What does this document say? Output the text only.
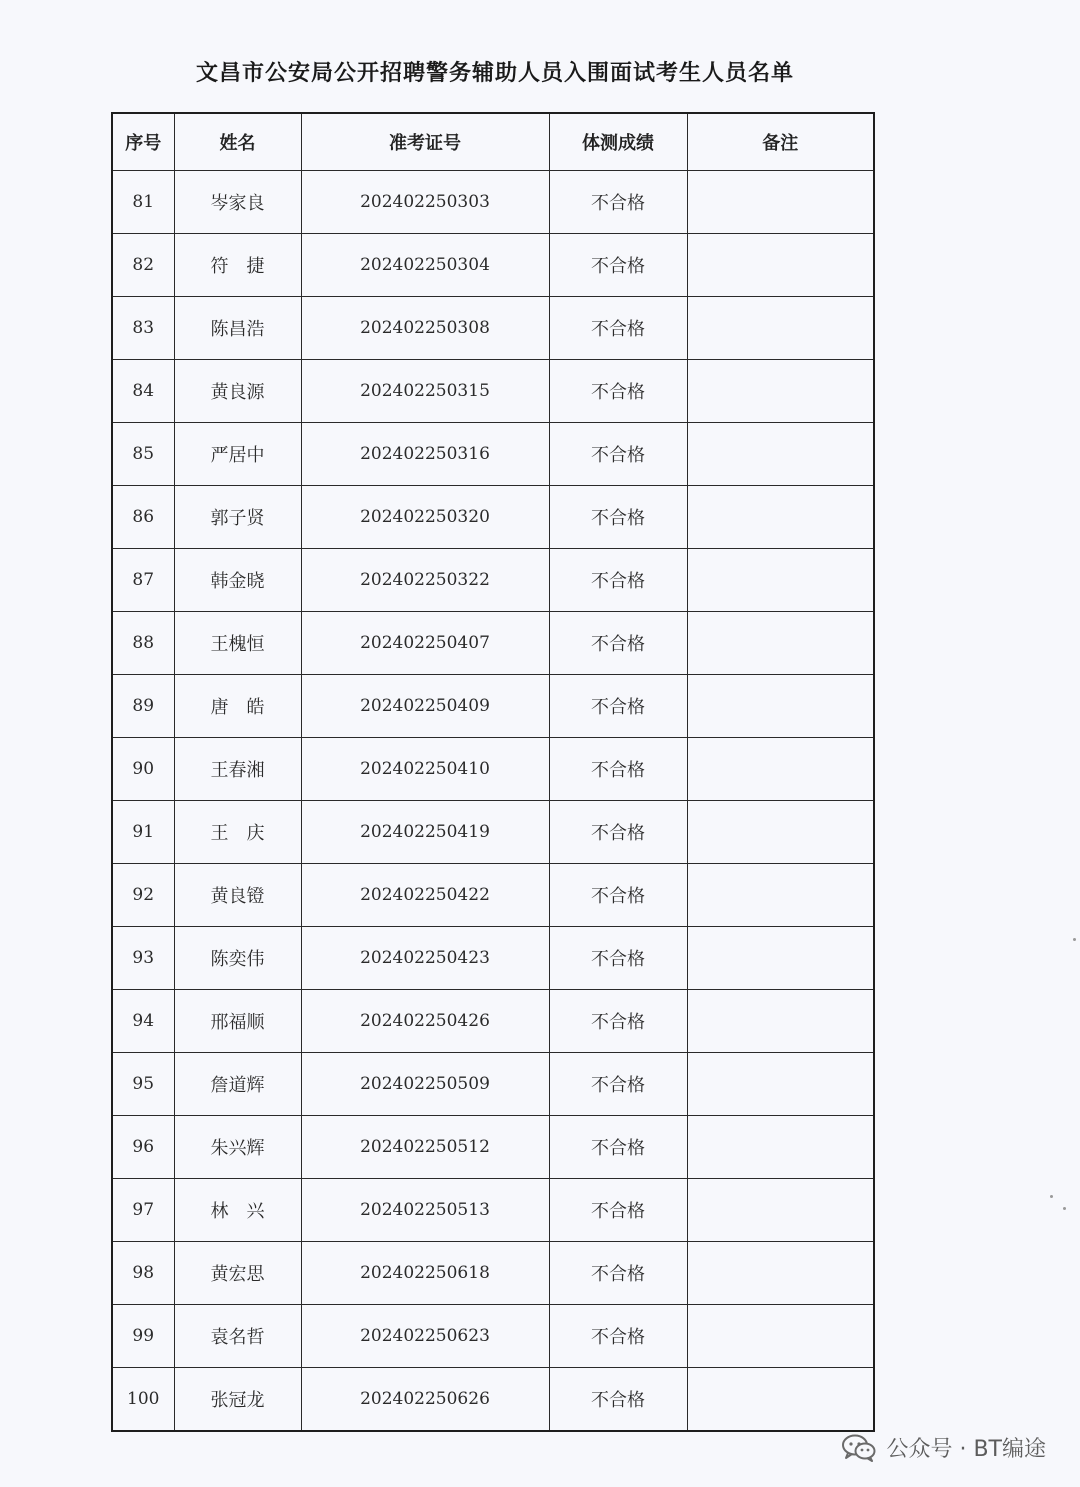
文昌市公安局公开招聘警务辅助人员入围面试考生人员名单
序号	姓名	准考证号	体测成绩	备注
81	岑家良	202402250303	不合格	
82	符　捷	202402250304	不合格	
83	陈昌浩	202402250308	不合格	
84	黄良源	202402250315	不合格	
85	严居中	202402250316	不合格	
86	郭子贤	202402250320	不合格	
87	韩金晓	202402250322	不合格	
88	王槐恒	202402250407	不合格	
89	唐　皓	202402250409	不合格	
90	王春湘	202402250410	不合格	
91	王　庆	202402250419	不合格	
92	黄良镫	202402250422	不合格	
93	陈奕伟	202402250423	不合格	
94	邢福顺	202402250426	不合格	
95	詹道辉	202402250509	不合格	
96	朱兴辉	202402250512	不合格	
97	林　兴	202402250513	不合格	
98	黄宏思	202402250618	不合格	
99	袁名哲	202402250623	不合格	
100	张冠龙	202402250626	不合格	
公众号 · BT编途
